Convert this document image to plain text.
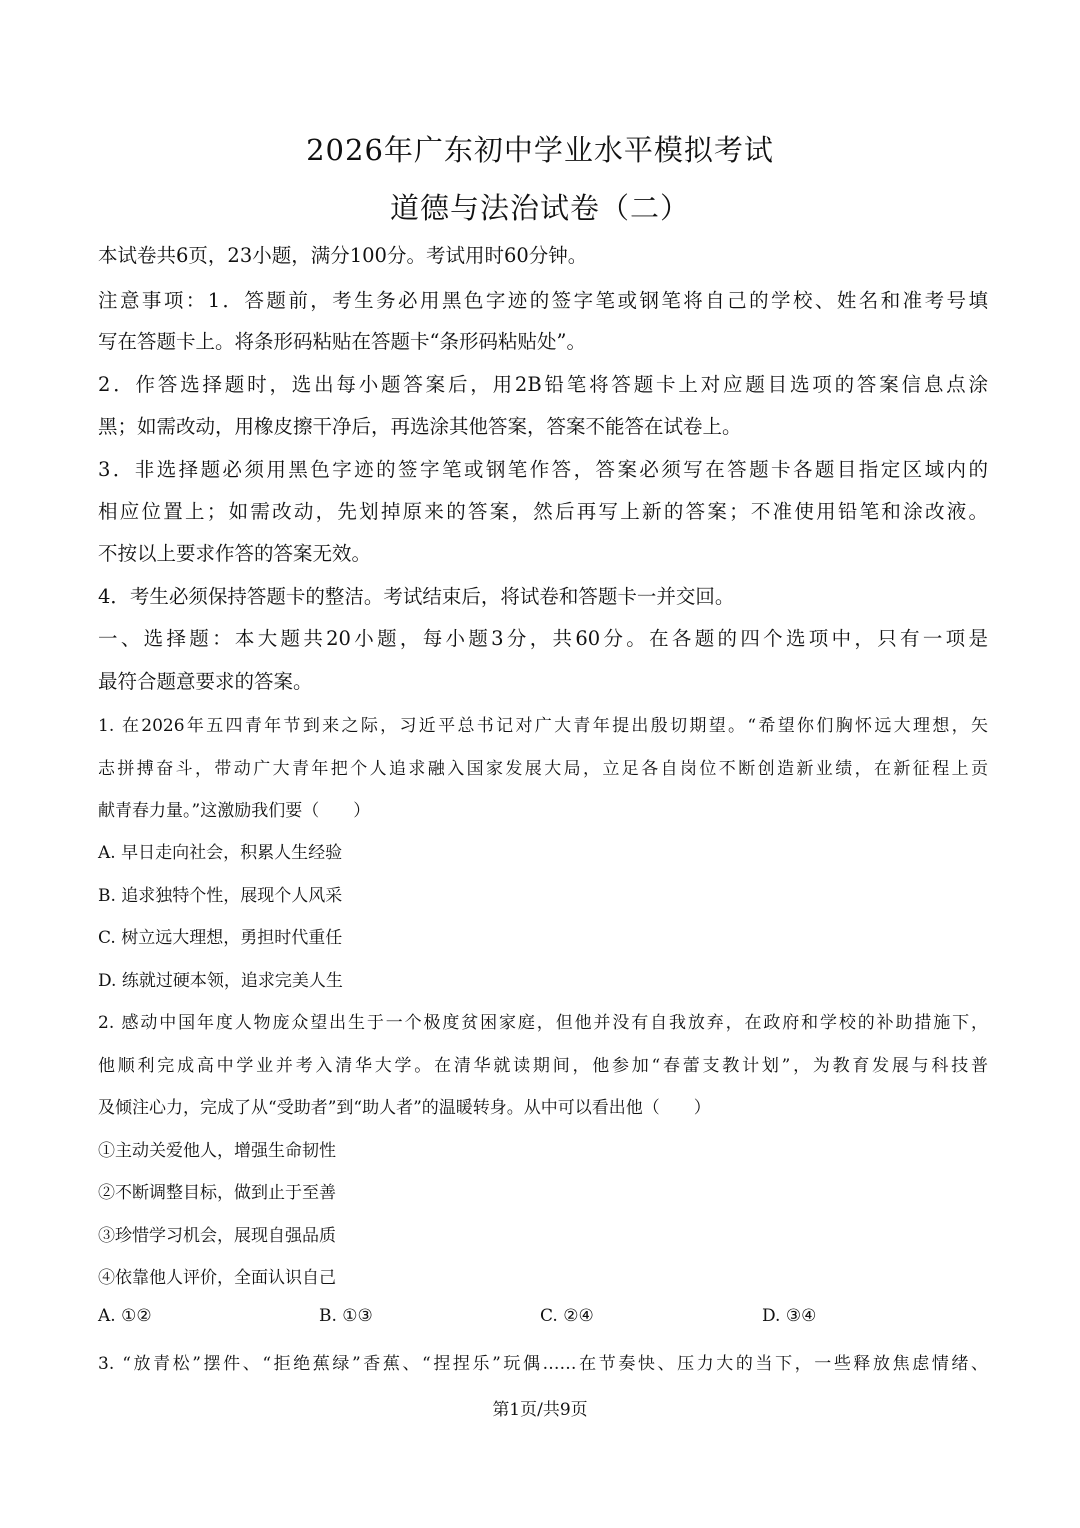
2026年广东初中学业水平模拟考试
道德与法治试卷（二）
本试卷共6页，23小题，满分100分。考试用时60分钟。
注意事项：1．答题前，考生务必用黑色字迹的签字笔或钢笔将自己的学校、姓名和准考号填
写在答题卡上。将条形码粘贴在答题卡“条形码粘贴处”。
2．作答选择题时，选出每小题答案后，用2B铅笔将答题卡上对应题目选项的答案信息点涂
黑；如需改动，用橡皮擦干净后，再选涂其他答案，答案不能答在试卷上。
3．非选择题必须用黑色字迹的签字笔或钢笔作答，答案必须写在答题卡各题目指定区域内的
相应位置上；如需改动，先划掉原来的答案，然后再写上新的答案；不准使用铅笔和涂改液。
不按以上要求作答的答案无效。
4．考生必须保持答题卡的整洁。考试结束后，将试卷和答题卡一并交回。
一、选择题：本大题共20小题，每小题3分，共60分。在各题的四个选项中，只有一项是
最符合题意要求的答案。
1. 在2026年五四青年节到来之际，习近平总书记对广大青年提出殷切期望。“希望你们胸怀远大理想，矢
志拼搏奋斗，带动广大青年把个人追求融入国家发展大局，立足各自岗位不断创造新业绩，在新征程上贡
献青春力量。”这激励我们要（　　）
A. 早日走向社会，积累人生经验
B. 追求独特个性，展现个人风采
C. 树立远大理想，勇担时代重任
D. 练就过硬本领，追求完美人生
2. 感动中国年度人物庞众望出生于一个极度贫困家庭，但他并没有自我放弃，在政府和学校的补助措施下，
他顺利完成高中学业并考入清华大学。在清华就读期间，他参加“春蕾支教计划”，为教育发展与科技普
及倾注心力，完成了从“受助者”到“助人者”的温暖转身。从中可以看出他（　　）
①主动关爱他人，增强生命韧性
②不断调整目标，做到止于至善
③珍惜学习机会，展现自强品质
④依靠他人评价，全面认识自己
A. ①②	B. ①③	C. ②④	D. ③④
3. “放青松”摆件、“拒绝蕉绿”香蕉、“捏捏乐”玩偶……在节奏快、压力大的当下，一些释放焦虑情绪、
第1页/共9页
